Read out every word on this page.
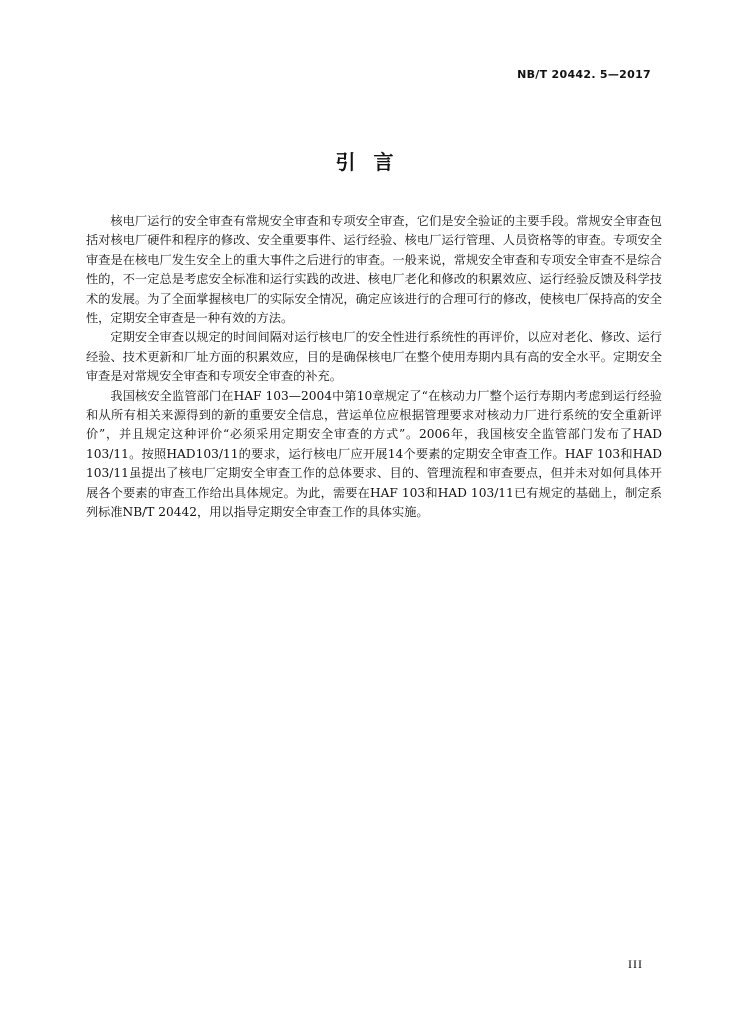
NB/T 20442. 5—2017
引言

核电厂运行的安全审查有常规安全审查和专项安全审查，它们是安全验证的主要手段。常规安全审查包括对核电厂硬件和程序的修改、安全重要事件、运行经验、核电厂运行管理、人员资格等的审查。专项安全审查是在核电厂发生安全上的重大事件之后进行的审查。一般来说，常规安全审查和专项安全审查不是综合性的，不一定总是考虑安全标准和运行实践的改进、核电厂老化和修改的积累效应、运行经验反馈及科学技术的发展。为了全面掌握核电厂的实际安全情况，确定应该进行的合理可行的修改，使核电厂保持高的安全性，定期安全审查是一种有效的方法。

定期安全审查以规定的时间间隔对运行核电厂的安全性进行系统性的再评价，以应对老化、修改、运行经验、技术更新和厂址方面的积累效应，目的是确保核电厂在整个使用寿期内具有高的安全水平。定期安全审查是对常规安全审查和专项安全审查的补充。

我国核安全监管部门在HAF 103—2004中第10章规定了“在核动力厂整个运行寿期内考虑到运行经验和从所有相关来源得到的新的重要安全信息，营运单位应根据管理要求对核动力厂进行系统的安全重新评价”，并且规定这种评价“必须采用定期安全审查的方式”。2006年，我国核安全监管部门发布了HAD 103/11。按照HAD103/11的要求，运行核电厂应开展14个要素的定期安全审查工作。HAF 103和HAD 103/11虽提出了核电厂定期安全审查工作的总体要求、目的、管理流程和审查要点，但并未对如何具体开展各个要素的审查工作给出具体规定。为此，需要在HAF 103和HAD 103/11已有规定的基础上，制定系列标准NB/T 20442，用以指导定期安全审查工作的具体实施。

III
